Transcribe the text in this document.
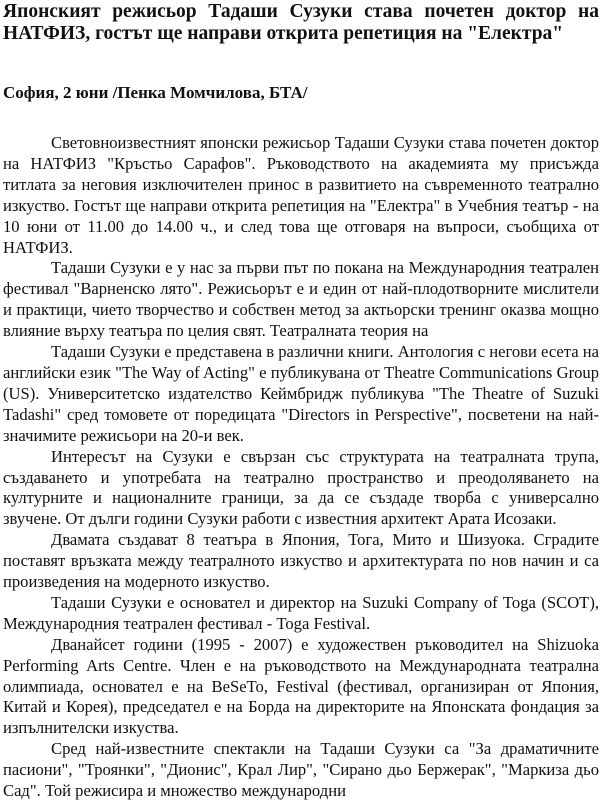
Японският режисьор Тадаши Сузуки става почетен доктор на НАТФИЗ, гостът ще направи открита репетиция на "Електра"

София, 2 юни /Пенка Момчилова, БТА/

Световноизвестният японски режисьор Тадаши Сузуки става почетен доктор на НАТФИЗ "Кръстьо Сарафов". Ръководството на академията му присъжда титлата за неговия изключителен принос в развитието на съвременното театрално изкуство. Гостът ще направи открита репетиция на "Електра" в Учебния театър - на 10 юни от 11.00 до 14.00 ч., и след това ще отговаря на въпроси, съобщиха от НАТФИЗ.

Тадаши Сузуки е у нас за първи път по покана на Международния театрален фестивал "Варненско лято". Режисьорът е и един от най-плодотворните мислители и практици, чието творчество и собствен метод за актьорски тренинг оказва мощно влияние върху театъра по целия свят. Театралната теория на

Тадаши Сузуки е представена в различни книги. Антология с негови есета на английски език "The Way of Acting" е публикувана от Theatre Communications Group (US). Университетско издателство Кеймбридж публикува "The Theatre of Suzuki Tadashi" сред томовете от поредицата "Directors in Perspective", посветени на най-значимите режисьори на 20-и век.

Интересът на Сузуки е свързан със структурата на театралната трупа, създаването и употребата на театрално пространство и преодоляването на културните и националните граници, за да се създаде творба с универсално звучене. От дълги години Сузуки работи с известния архитект Арата Исозаки.

Двамата създават 8 театъра в Япония, Тога, Мито и Шизуока. Сградите поставят връзката между театралното изкуство и архитектурата по нов начин и са произведения на модерното изкуство.

Тадаши Сузуки е основател и директор на Suzuki Company of Toga (SCOT), Международния театрален фестивал - Toga Festival.

Дванайсет години (1995 - 2007) е художествен ръководител на Shizuoka Performing Arts Centre. Член е на ръководството на Международната театрална олимпиада, основател е на BeSeTo, Festival (фестивал, организиран от Япония, Китай и Корея), председател е на Борда на директорите на Японската фондация за изпълнителски изкуства.

Сред най-известните спектакли на Тадаши Сузуки са "За драматичните пасиони", "Троянки", "Дионис", Крал Лир", "Сирано дьо Бержерак", "Маркиза дьо Сад". Той режисира и множество международни
